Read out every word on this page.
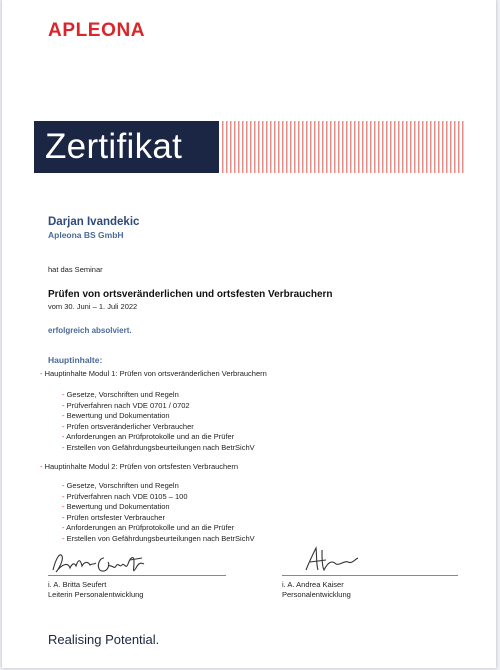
APLEONA
Zertifikat
Darjan Ivandekic
Apleona BS GmbH
hat das Seminar
Prüfen von ortsveränderlichen und ortsfesten Verbrauchern
vom 30. Juni – 1. Juli 2022
erfolgreich absolviert.
Hauptinhalte:
- Hauptinhalte Modul 1: Prüfen von ortsveränderlichen Verbrauchern
- Gesetze, Vorschriften und Regeln
- Prüfverfahren nach VDE 0701 / 0702
- Bewertung und Dokumentation
- Prüfen ortsveränderlicher Verbraucher
- Anforderungen an Prüfprotokolle und an die Prüfer
- Erstellen von Gefährdungsbeurteilungen nach BetrSichV
- Hauptinhalte Modul 2: Prüfen von ortsfesten Verbrauchern
- Gesetze, Vorschriften und Regeln
- Prüfverfahren nach VDE 0105 – 100
- Bewertung und Dokumentation
- Prüfen ortsfester Verbraucher
- Anforderungen an Prüfprotokolle und an die Prüfer
- Erstellen von Gefährdungsbeurteilungen nach BetrSichV
i. A. Britta Seufert
Leiterin Personalentwicklung
i. A. Andrea Kaiser
Personalentwicklung
Realising Potential.
